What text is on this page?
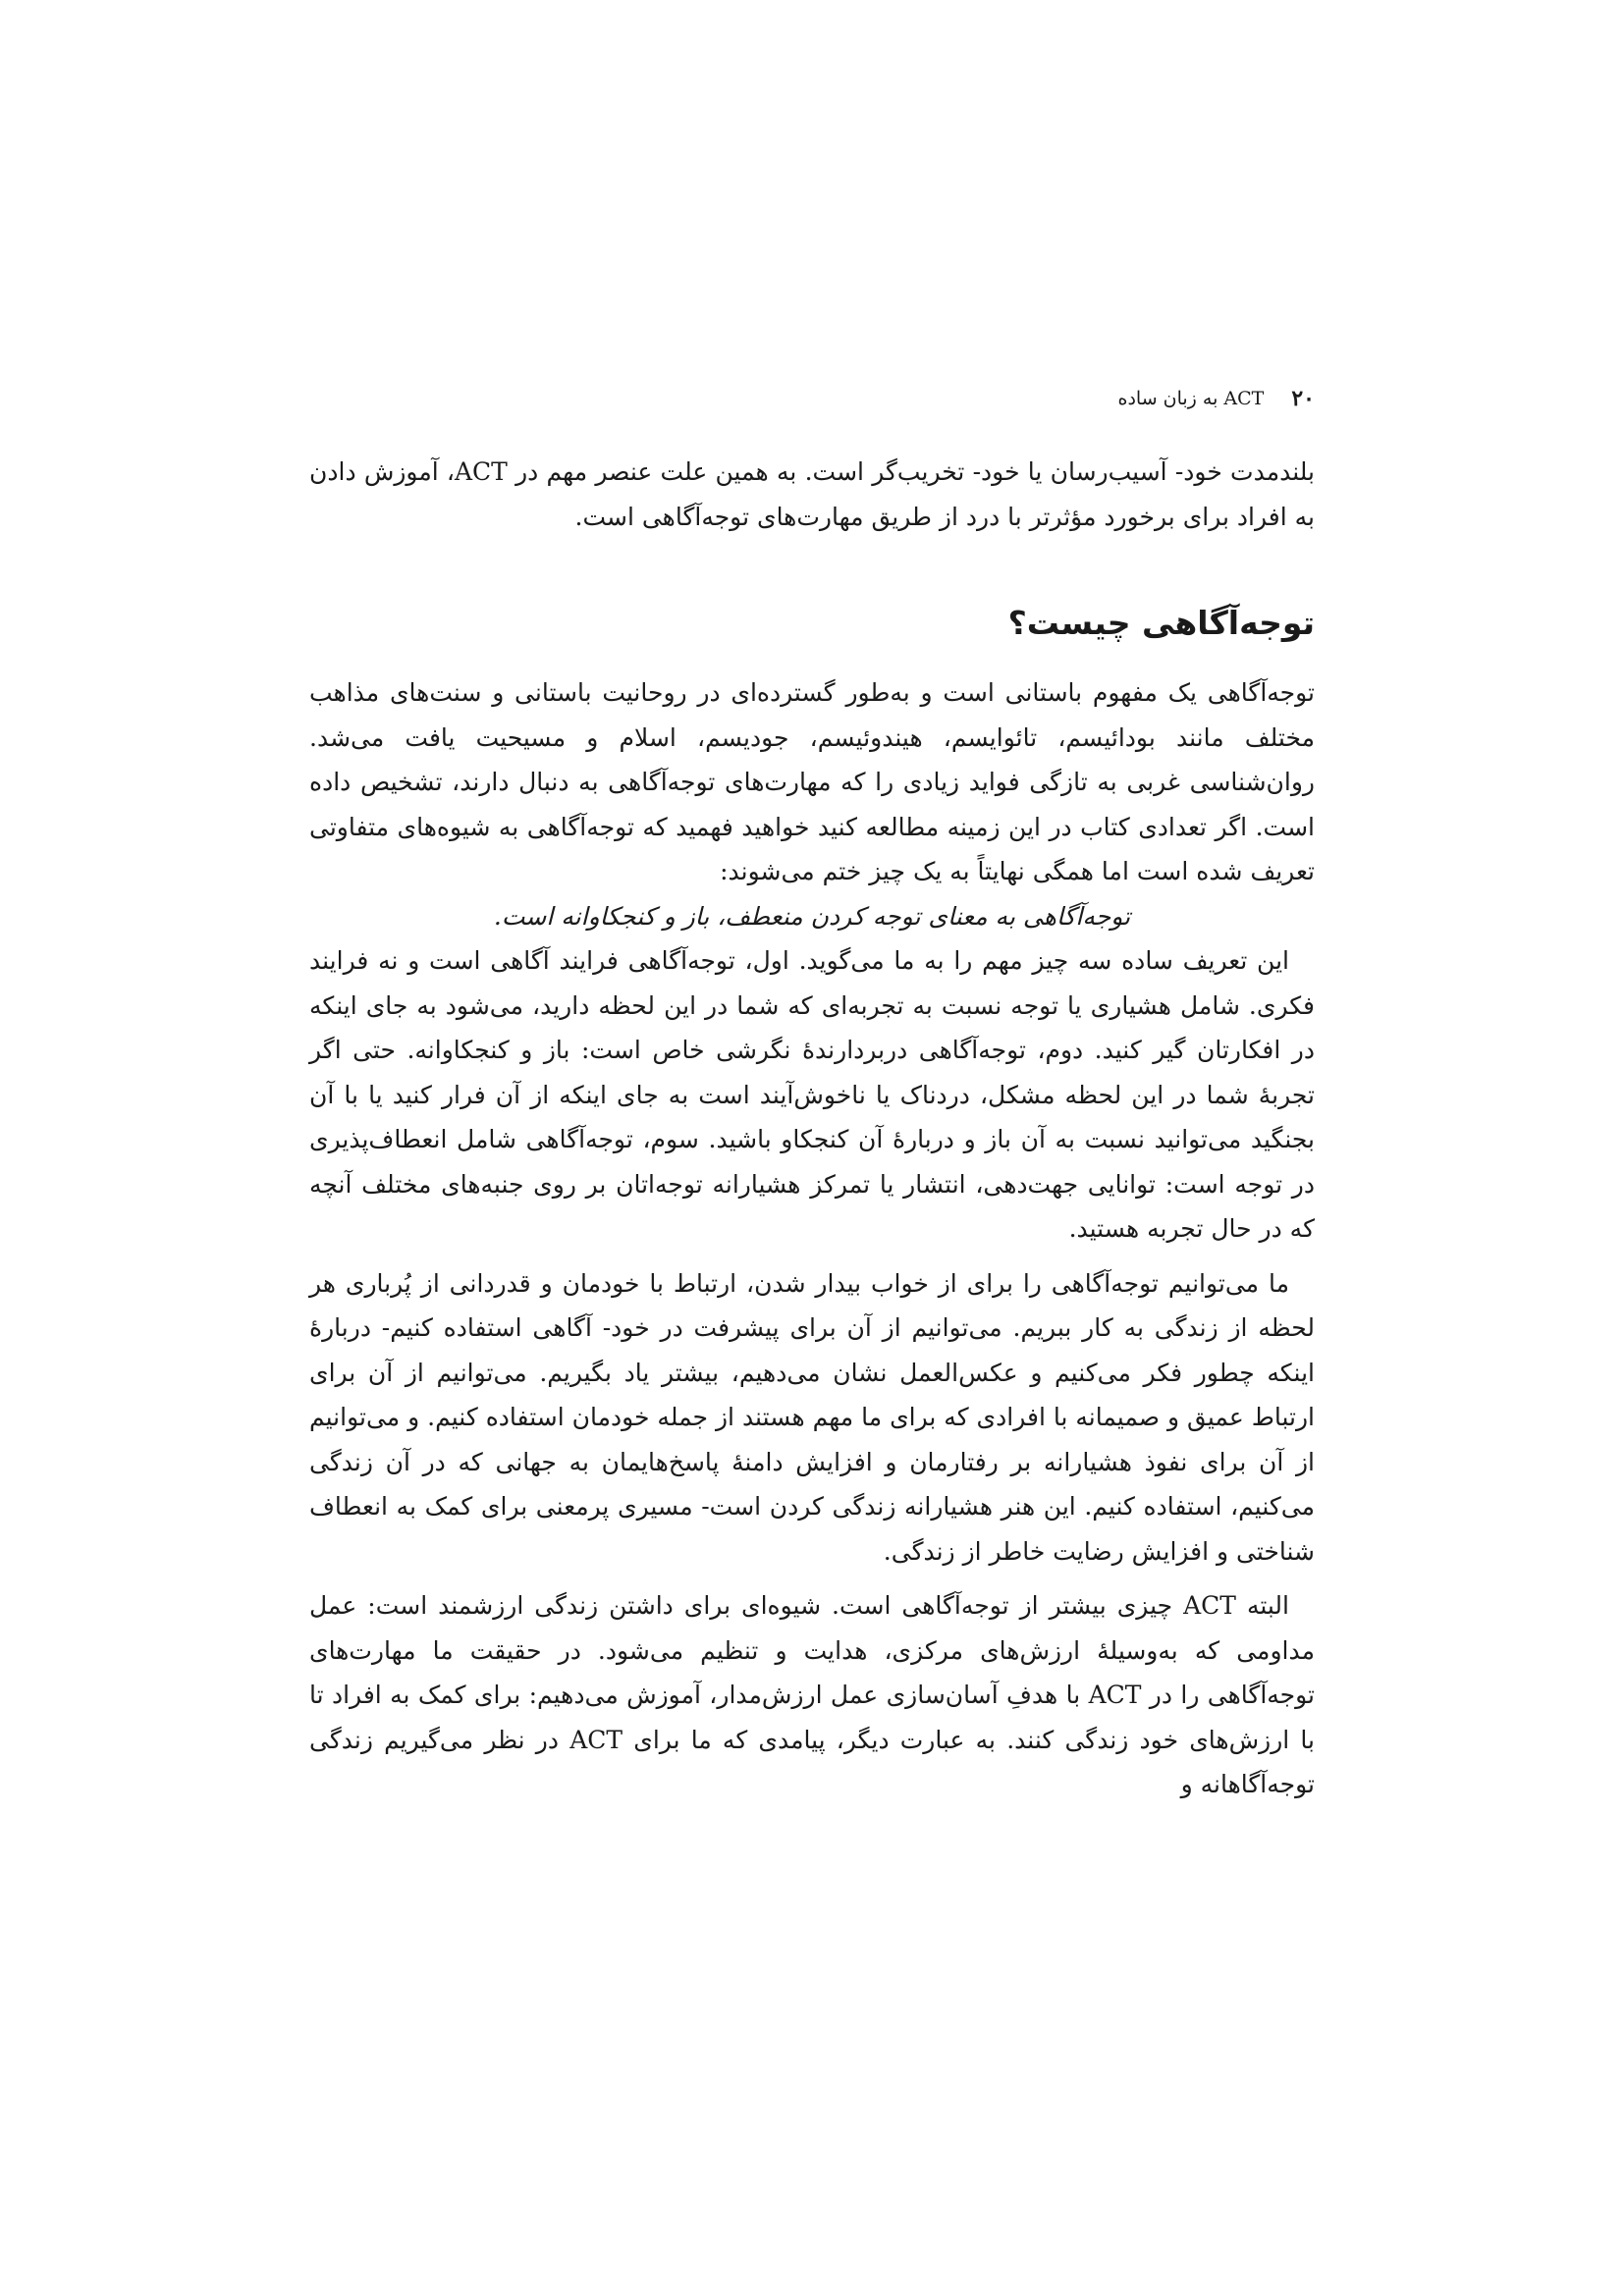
۲۰
ACT به زبان ساده

بلندمدت خود- آسیب‌رسان یا خود- تخریب‌گر است. به همین علت عنصر مهم در ACT، آموزش دادن به افراد برای برخورد مؤثرتر با درد از طریق مهارت‌های توجه‌آگاهی است.

توجه‌آگاهی چیست؟

توجه‌آگاهی یک مفهوم باستانی است و به‌طور گسترده‌ای در روحانیت باستانی و سنت‌های مذاهب مختلف مانند بودائیسم، تائوایسم، هیندوئیسم، جودیسم، اسلام و مسیحیت یافت می‌شد. روان‌شناسی غربی به تازگی فواید زیادی را که مهارت‌های توجه‌آگاهی به دنبال دارند، تشخیص داده است. اگر تعدادی کتاب در این زمینه مطالعه کنید خواهید فهمید که توجه‌آگاهی به شیوه‌های متفاوتی تعریف شده است اما همگی نهایتاً به یک چیز ختم می‌شوند:

توجه‌آگاهی به معنای توجه کردن منعطف، باز و کنجکاوانه است.

این تعریف ساده سه چیز مهم را به ما می‌گوید. اول، توجه‌آگاهی فرایند آگاهی است و نه فرایند فکری. شامل هشیاری یا توجه نسبت به تجربه‌ای که شما در این لحظه دارید، می‌شود به جای اینکه در افکارتان گیر کنید. دوم، توجه‌آگاهی دربردارندهٔ نگرشی خاص است: باز و کنجکاوانه. حتی اگر تجربهٔ شما در این لحظه مشکل، دردناک یا ناخوش‌آیند است به جای اینکه از آن فرار کنید یا با آن بجنگید می‌توانید نسبت به آن باز و دربارهٔ آن کنجکاو باشید. سوم، توجه‌آگاهی شامل انعطاف‌پذیری در توجه است: توانایی جهت‌دهی، انتشار یا تمرکز هشیارانه توجه‌اتان بر روی جنبه‌های مختلف آنچه که در حال تجربه هستید.

ما می‌توانیم توجه‌آگاهی را برای از خواب بیدار شدن، ارتباط با خودمان و قدردانی از پُرباری هر لحظه از زندگی به کار ببریم. می‌توانیم از آن برای پیشرفت در خود- آگاهی استفاده کنیم- دربارهٔ اینکه چطور فکر می‌کنیم و عکس‌العمل نشان می‌دهیم، بیشتر یاد بگیریم. می‌توانیم از آن برای ارتباط عمیق و صمیمانه با افرادی که برای ما مهم هستند از جمله خودمان استفاده کنیم. و می‌توانیم از آن برای نفوذ هشیارانه بر رفتارمان و افزایش دامنهٔ پاسخ‌هایمان به جهانی که در آن زندگی می‌کنیم، استفاده کنیم. این هنر هشیارانه زندگی کردن است- مسیری پرمعنی برای کمک به انعطاف شناختی و افزایش رضایت خاطر از زندگی.

البته ACT چیزی بیشتر از توجه‌آگاهی است. شیوه‌ای برای داشتن زندگی ارزشمند است: عمل مداومی که به‌وسیلهٔ ارزش‌های مرکزی، هدایت و تنظیم می‌شود. در حقیقت ما مهارت‌های توجه‌آگاهی را در ACT با هدفِ آسان‌سازی عمل ارزش‌مدار، آموزش می‌دهیم: برای کمک به افراد تا با ارزش‌های خود زندگی کنند. به عبارت دیگر، پیامدی که ما برای ACT در نظر می‌گیریم زندگی توجه‌آگاهانه و
